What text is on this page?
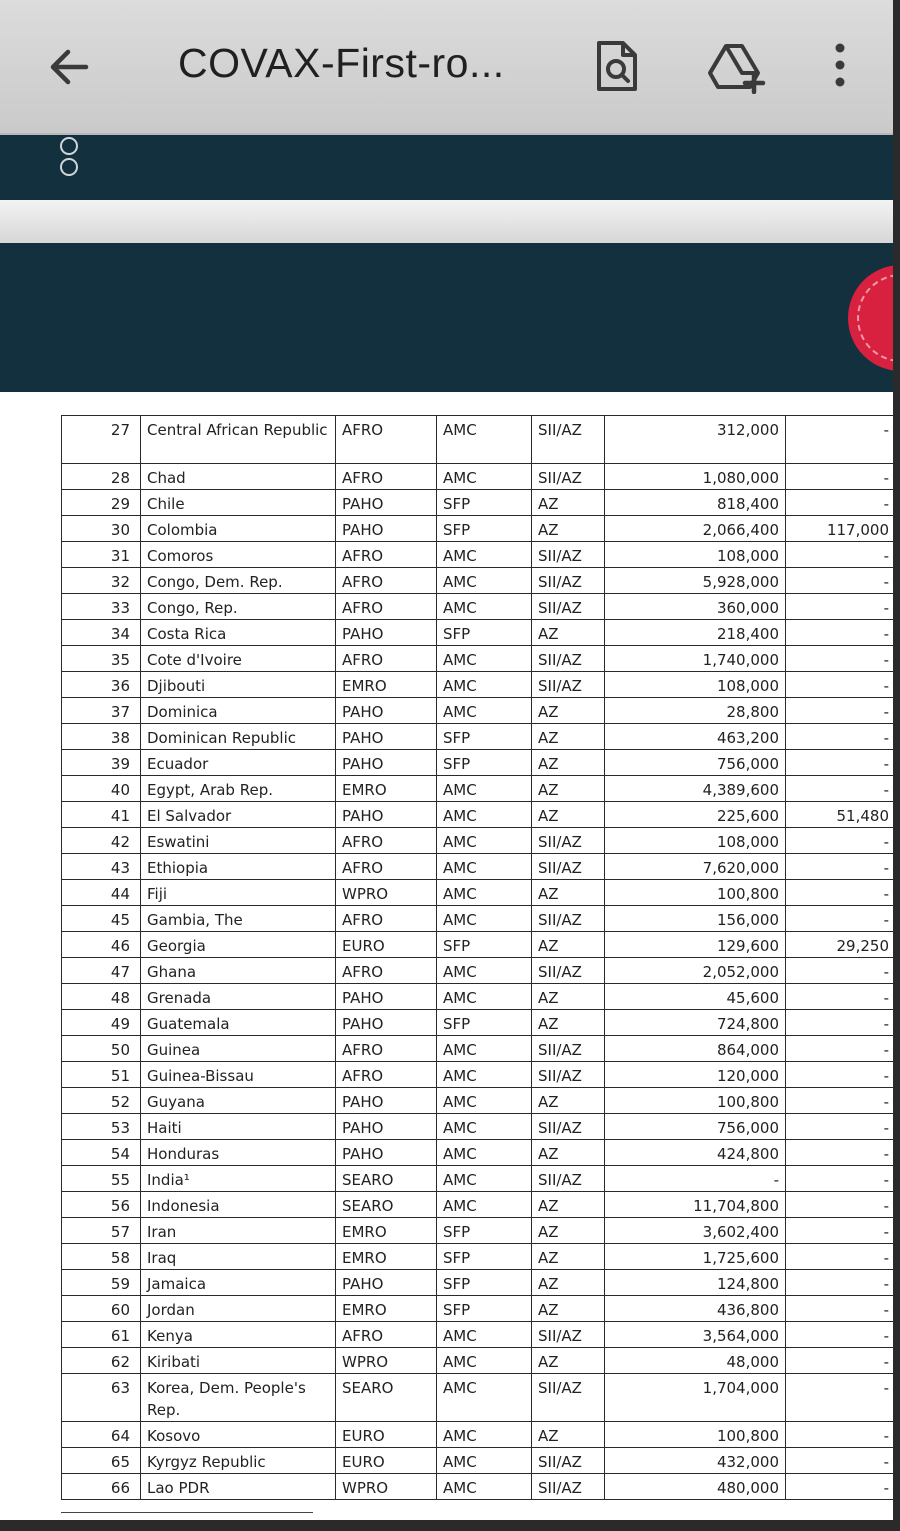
COVAX-First-ro...
27	Central African Republic	AFRO	AMC	SII/AZ	312,000	-
28	Chad	AFRO	AMC	SII/AZ	1,080,000	-
29	Chile	PAHO	SFP	AZ	818,400	-
30	Colombia	PAHO	SFP	AZ	2,066,400	117,000
31	Comoros	AFRO	AMC	SII/AZ	108,000	-
32	Congo, Dem. Rep.	AFRO	AMC	SII/AZ	5,928,000	-
33	Congo, Rep.	AFRO	AMC	SII/AZ	360,000	-
34	Costa Rica	PAHO	SFP	AZ	218,400	-
35	Cote d'Ivoire	AFRO	AMC	SII/AZ	1,740,000	-
36	Djibouti	EMRO	AMC	SII/AZ	108,000	-
37	Dominica	PAHO	AMC	AZ	28,800	-
38	Dominican Republic	PAHO	SFP	AZ	463,200	-
39	Ecuador	PAHO	SFP	AZ	756,000	-
40	Egypt, Arab Rep.	EMRO	AMC	AZ	4,389,600	-
41	El Salvador	PAHO	AMC	AZ	225,600	51,480
42	Eswatini	AFRO	AMC	SII/AZ	108,000	-
43	Ethiopia	AFRO	AMC	SII/AZ	7,620,000	-
44	Fiji	WPRO	AMC	AZ	100,800	-
45	Gambia, The	AFRO	AMC	SII/AZ	156,000	-
46	Georgia	EURO	SFP	AZ	129,600	29,250
47	Ghana	AFRO	AMC	SII/AZ	2,052,000	-
48	Grenada	PAHO	AMC	AZ	45,600	-
49	Guatemala	PAHO	SFP	AZ	724,800	-
50	Guinea	AFRO	AMC	SII/AZ	864,000	-
51	Guinea-Bissau	AFRO	AMC	SII/AZ	120,000	-
52	Guyana	PAHO	AMC	AZ	100,800	-
53	Haiti	PAHO	AMC	SII/AZ	756,000	-
54	Honduras	PAHO	AMC	AZ	424,800	-
55	India¹	SEARO	AMC	SII/AZ	-	-
56	Indonesia	SEARO	AMC	AZ	11,704,800	-
57	Iran	EMRO	SFP	AZ	3,602,400	-
58	Iraq	EMRO	SFP	AZ	1,725,600	-
59	Jamaica	PAHO	SFP	AZ	124,800	-
60	Jordan	EMRO	SFP	AZ	436,800	-
61	Kenya	AFRO	AMC	SII/AZ	3,564,000	-
62	Kiribati	WPRO	AMC	AZ	48,000	-
63	Korea, Dem. People's Rep.	SEARO	AMC	SII/AZ	1,704,000	-
64	Kosovo	EURO	AMC	AZ	100,800	-
65	Kyrgyz Republic	EURO	AMC	SII/AZ	432,000	-
66	Lao PDR	WPRO	AMC	SII/AZ	480,000	-
